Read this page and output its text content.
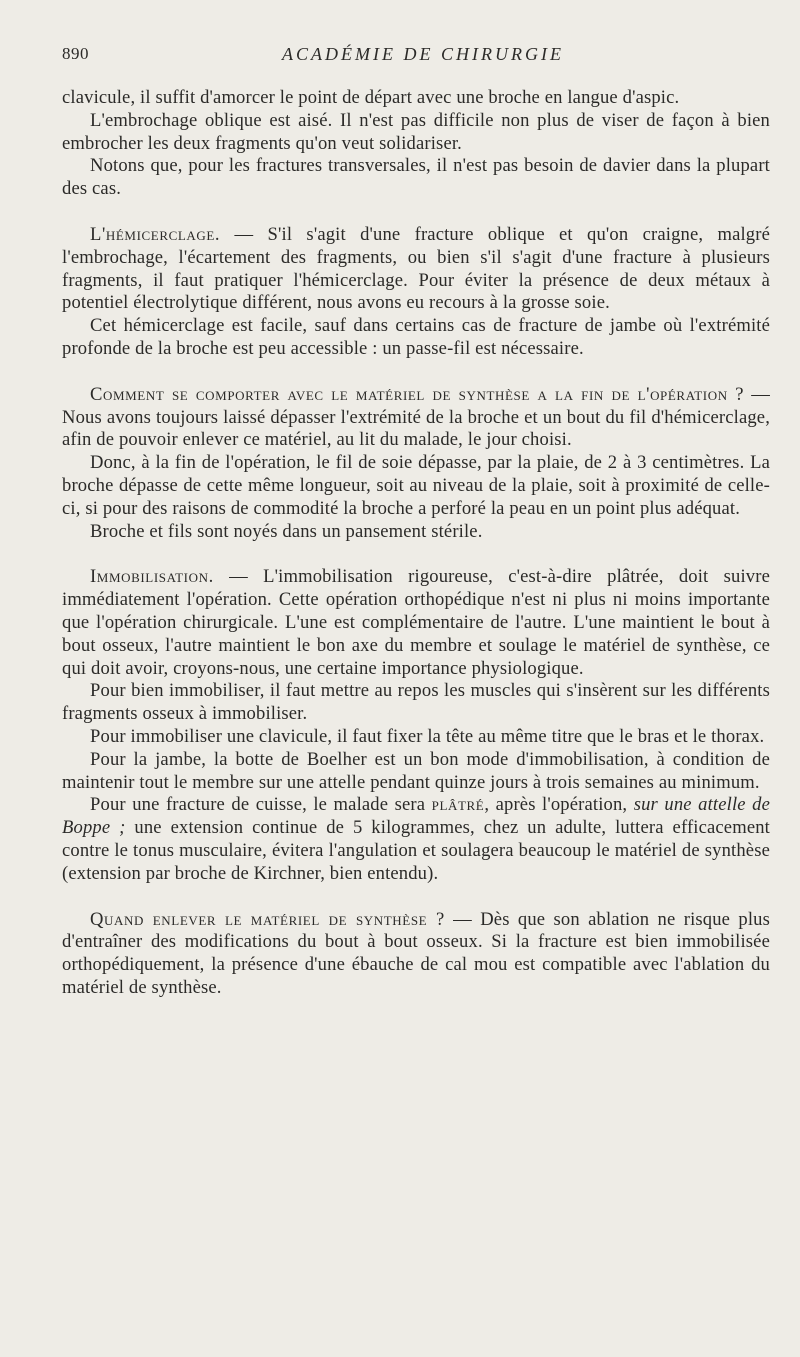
890	ACADÉMIE DE CHIRURGIE

clavicule, il suffit d'amorcer le point de départ avec une broche en langue d'aspic.

L'embrochage oblique est aisé. Il n'est pas difficile non plus de viser de façon à bien embrocher les deux fragments qu'on veut solidariser.

Notons que, pour les fractures transversales, il n'est pas besoin de davier dans la plupart des cas.

L'hémicerclage. — S'il s'agit d'une fracture oblique et qu'on craigne, malgré l'embrochage, l'écartement des fragments, ou bien s'il s'agit d'une fracture à plusieurs fragments, il faut pratiquer l'hémicerclage. Pour éviter la présence de deux métaux à potentiel électrolytique différent, nous avons eu recours à la grosse soie.

Cet hémicerclage est facile, sauf dans certains cas de fracture de jambe où l'extrémité profonde de la broche est peu accessible : un passe-fil est nécessaire.

Comment se comporter avec le matériel de synthèse a la fin de l'opération ? — Nous avons toujours laissé dépasser l'extrémité de la broche et un bout du fil d'hémicerclage, afin de pouvoir enlever ce matériel, au lit du malade, le jour choisi.

Donc, à la fin de l'opération, le fil de soie dépasse, par la plaie, de 2 à 3 centimètres. La broche dépasse de cette même longueur, soit au niveau de la plaie, soit à proximité de celle-ci, si pour des raisons de commodité la broche a perforé la peau en un point plus adéquat.

Broche et fils sont noyés dans un pansement stérile.

Immobilisation. — L'immobilisation rigoureuse, c'est-à-dire plâtrée, doit suivre immédiatement l'opération. Cette opération orthopédique n'est ni plus ni moins importante que l'opération chirurgicale. L'une est complémentaire de l'autre. L'une maintient le bout à bout osseux, l'autre maintient le bon axe du membre et soulage le matériel de synthèse, ce qui doit avoir, croyons-nous, une certaine importance physiologique.

Pour bien immobiliser, il faut mettre au repos les muscles qui s'insèrent sur les différents fragments osseux à immobiliser.

Pour immobiliser une clavicule, il faut fixer la tête au même titre que le bras et le thorax.

Pour la jambe, la botte de Boelher est un bon mode d'immobilisation, à condition de maintenir tout le membre sur une attelle pendant quinze jours à trois semaines au minimum.

Pour une fracture de cuisse, le malade sera plâtré, après l'opération, sur une attelle de Boppe ; une extension continue de 5 kilogrammes, chez un adulte, luttera efficacement contre le tonus musculaire, évitera l'angulation et soulagera beaucoup le matériel de synthèse (extension par broche de Kirchner, bien entendu).

Quand enlever le matériel de synthèse ? — Dès que son ablation ne risque plus d'entraîner des modifications du bout à bout osseux. Si la fracture est bien immobilisée orthopédiquement, la présence d'une ébauche de cal mou est compatible avec l'ablation du matériel de synthèse.
